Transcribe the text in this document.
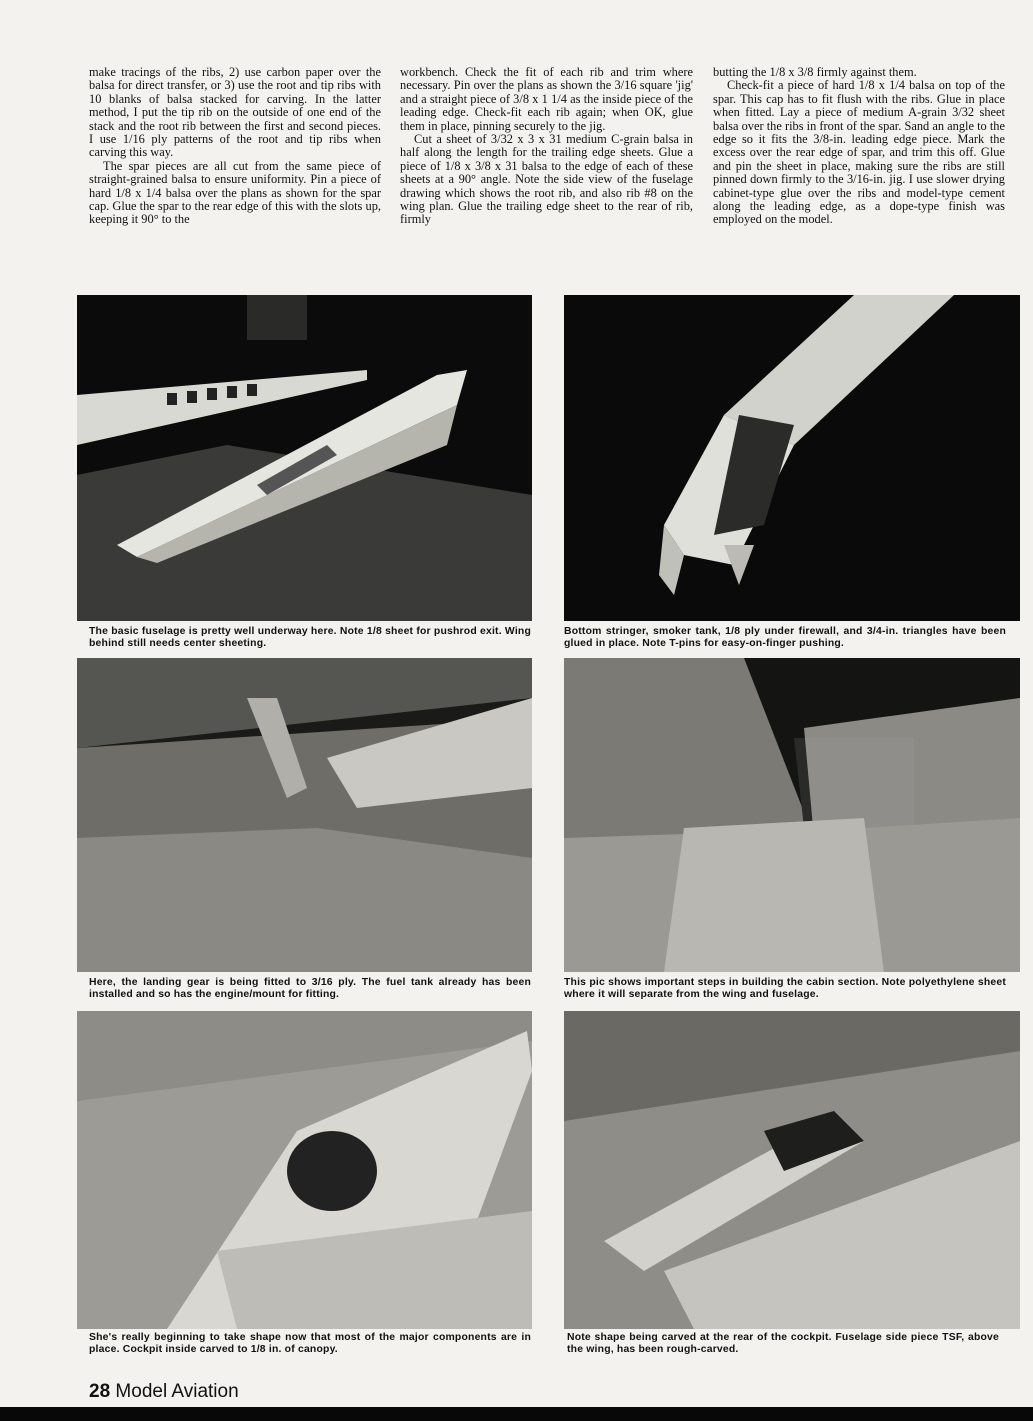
make tracings of the ribs, 2) use carbon paper over the balsa for direct transfer, or 3) use the root and tip ribs with 10 blanks of balsa stacked for carving. In the latter method, I put the tip rib on the outside of one end of the stack and the root rib between the first and second pieces. I use 1/16 ply patterns of the root and tip ribs when carving this way.

The spar pieces are all cut from the same piece of straight-grained balsa to ensure uniformity. Pin a piece of hard 1/8 x 1/4 balsa over the plans as shown for the spar cap. Glue the spar to the rear edge of this with the slots up, keeping it 90° to the

workbench. Check the fit of each rib and trim where necessary. Pin over the plans as shown the 3/16 square 'jig' and a straight piece of 3/8 x 1 1/4 as the inside piece of the leading edge. Check-fit each rib again; when OK, glue them in place, pinning securely to the jig.

Cut a sheet of 3/32 x 3 x 31 medium C-grain balsa in half along the length for the trailing edge sheets. Glue a piece of 1/8 x 3/8 x 31 balsa to the edge of each of these sheets at a 90° angle. Note the side view of the fuselage drawing which shows the root rib, and also rib #8 on the wing plan. Glue the trailing edge sheet to the rear of rib, firmly

butting the 1/8 x 3/8 firmly against them.

Check-fit a piece of hard 1/8 x 1/4 balsa on top of the spar. This cap has to fit flush with the ribs. Glue in place when fitted. Lay a piece of medium A-grain 3/32 sheet balsa over the ribs in front of the spar. Sand an angle to the edge so it fits the 3/8-in. leading edge piece. Mark the excess over the rear edge of spar, and trim this off. Glue and pin the sheet in place, making sure the ribs are still pinned down firmly to the 3/16-in. jig. I use slower drying cabinet-type glue over the ribs and model-type cement along the leading edge, as a dope-type finish was employed on the model.

The basic fuselage is pretty well underway here. Note 1/8 sheet for pushrod exit. Wing behind still needs center sheeting.
Bottom stringer, smoker tank, 1/8 ply under firewall, and 3/4-in. triangles have been glued in place. Note T-pins for easy-on-finger pushing.
Here, the landing gear is being fitted to 3/16 ply. The fuel tank already has been installed and so has the engine/mount for fitting.
This pic shows important steps in building the cabin section. Note polyethylene sheet where it will separate from the wing and fuselage.
She's really beginning to take shape now that most of the major components are in place. Cockpit inside carved to 1/8 in. of canopy.
Note shape being carved at the rear of the cockpit. Fuselage side piece TSF, above the wing, has been rough-carved.
28 Model Aviation
